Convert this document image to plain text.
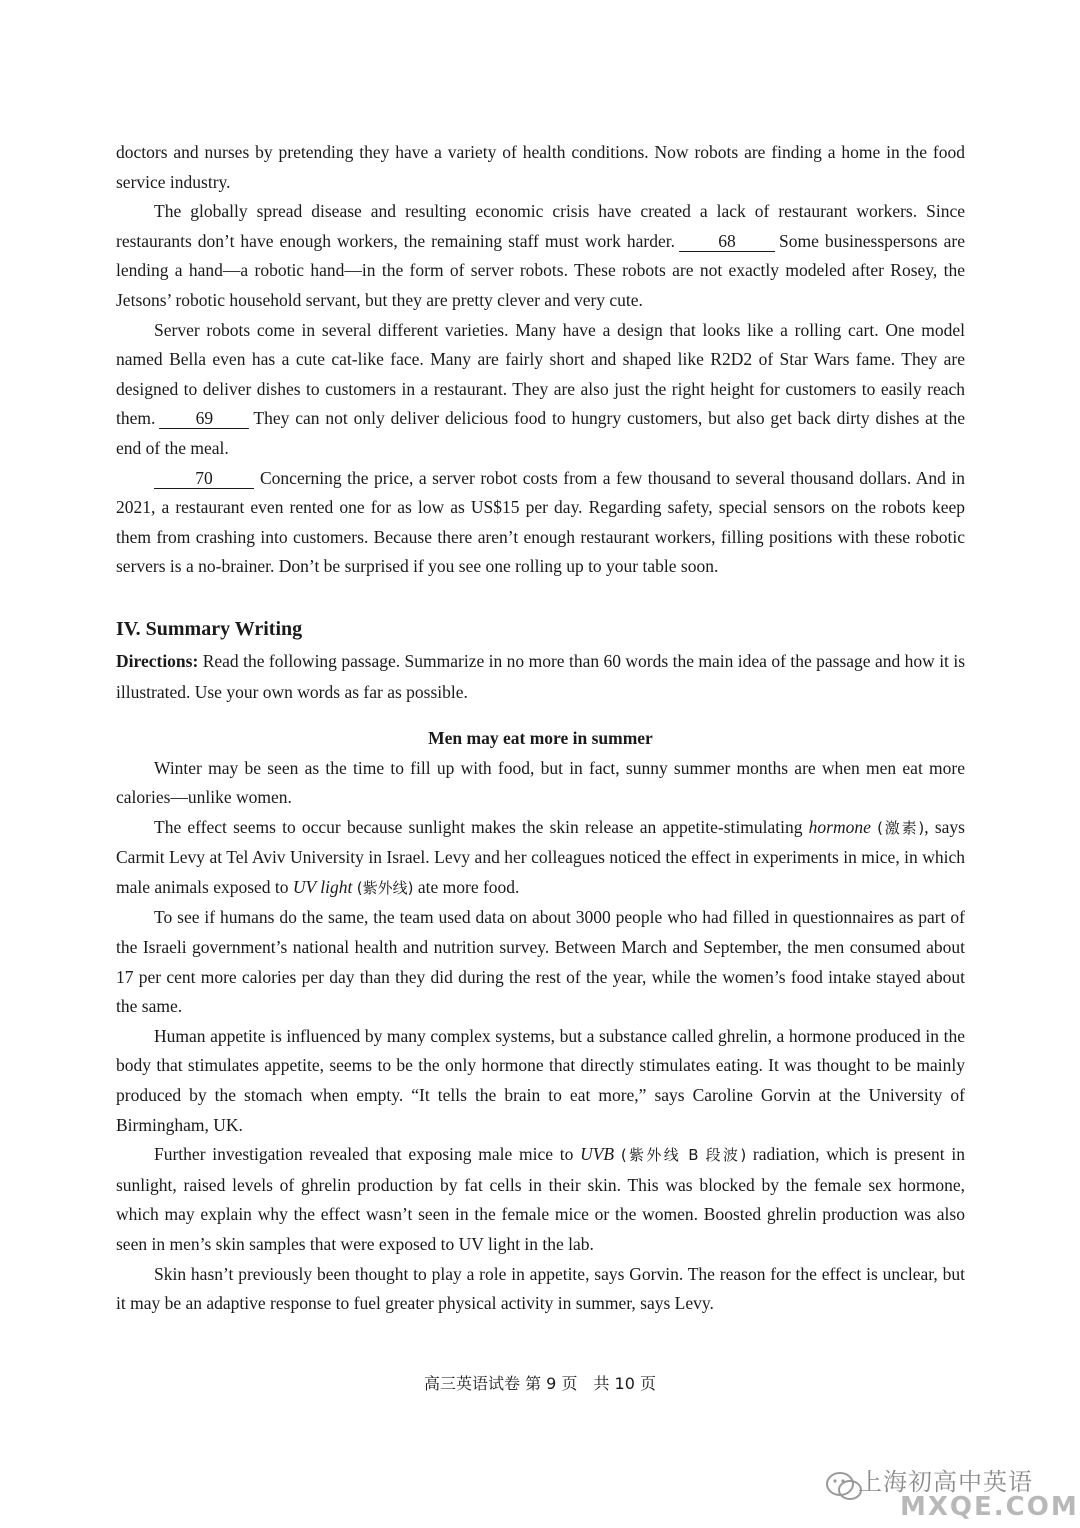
doctors and nurses by pretending they have a variety of health conditions. Now robots are finding a home in the food service industry.

The globally spread disease and resulting economic crisis have created a lack of restaurant workers. Since restaurants don’t have enough workers, the remaining staff must work harder. 68 Some businesspersons are lending a hand—a robotic hand—in the form of server robots. These robots are not exactly modeled after Rosey, the Jetsons’ robotic household servant, but they are pretty clever and very cute.

Server robots come in several different varieties. Many have a design that looks like a rolling cart. One model named Bella even has a cute cat-like face. Many are fairly short and shaped like R2D2 of Star Wars fame. They are designed to deliver dishes to customers in a restaurant. They are also just the right height for customers to easily reach them. 69 They can not only deliver delicious food to hungry customers, but also get back dirty dishes at the end of the meal.

70	Concerning the price, a server robot costs from a few thousand to several thousand dollars. And in 2021, a restaurant even rented one for as low as US$15 per day. Regarding safety, special sensors on the robots keep them from crashing into customers. Because there aren’t enough restaurant workers, filling positions with these robotic servers is a no-brainer. Don’t be surprised if you see one rolling up to your table soon.

IV. Summary Writing

Directions: Read the following passage. Summarize in no more than 60 words the main idea of the passage and how it is illustrated. Use your own words as far as possible.

Men may eat more in summer

Winter may be seen as the time to fill up with food, but in fact, sunny summer months are when men eat more calories—unlike women.

The effect seems to occur because sunlight makes the skin release an appetite-stimulating hormone (激素), says Carmit Levy at Tel Aviv University in Israel. Levy and her colleagues noticed the effect in experiments in mice, in which male animals exposed to UV light (紫外线) ate more food.

To see if humans do the same, the team used data on about 3000 people who had filled in questionnaires as part of the Israeli government’s national health and nutrition survey. Between March and September, the men consumed about 17 per cent more calories per day than they did during the rest of the year, while the women’s food intake stayed about the same.

Human appetite is influenced by many complex systems, but a substance called ghrelin, a hormone produced in the body that stimulates appetite, seems to be the only hormone that directly stimulates eating. It was thought to be mainly produced by the stomach when empty. “It tells the brain to eat more,” says Caroline Gorvin at the University of Birmingham, UK.

Further investigation revealed that exposing male mice to UVB (紫外线 B 段波) radiation, which is present in sunlight, raised levels of ghrelin production by fat cells in their skin. This was blocked by the female sex hormone, which may explain why the effect wasn’t seen in the female mice or the women. Boosted ghrelin production was also seen in men’s skin samples that were exposed to UV light in the lab.

Skin hasn’t previously been thought to play a role in appetite, says Gorvin. The reason for the effect is unclear, but it may be an adaptive response to fuel greater physical activity in summer, says Levy.

高三英语试卷 第 9 页　共 10 页
上海初高中英语
MXQE.COM
